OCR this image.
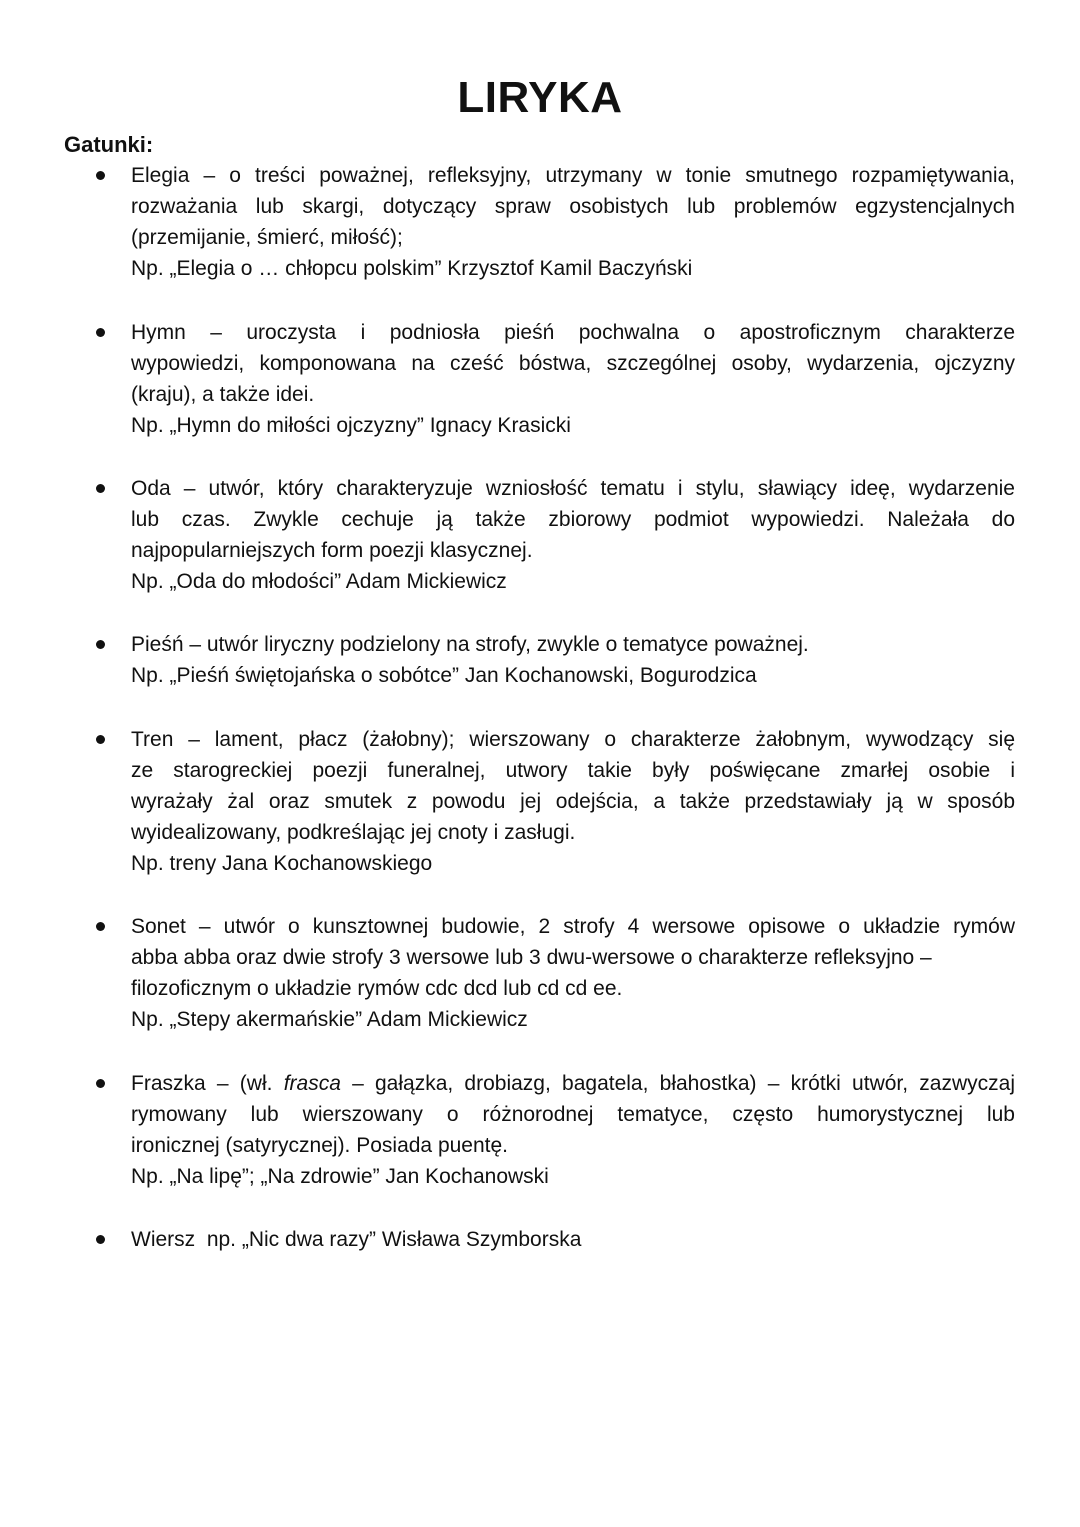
LIRYKA
Gatunki:
Elegia – o treści poważnej, refleksyjny, utrzymany w tonie smutnego rozpamiętywania,
rozważania lub skargi, dotyczący spraw osobistych lub problemów egzystencjalnych
(przemijanie, śmierć, miłość);
Np. „Elegia o … chłopcu polskim” Krzysztof Kamil Baczyński
Hymn – uroczysta i podniosła pieśń pochwalna o apostroficznym charakterze
wypowiedzi, komponowana na cześć bóstwa, szczególnej osoby, wydarzenia, ojczyzny
(kraju), a także idei.
Np. „Hymn do miłości ojczyzny” Ignacy Krasicki
Oda – utwór, który charakteryzuje wzniosłość tematu i stylu, sławiący ideę, wydarzenie
lub czas. Zwykle cechuje ją także zbiorowy podmiot wypowiedzi. Należała do
najpopularniejszych form poezji klasycznej.
Np. „Oda do młodości” Adam Mickiewicz
Pieśń – utwór liryczny podzielony na strofy, zwykle o tematyce poważnej.
Np. „Pieśń świętojańska o sobótce” Jan Kochanowski, Bogurodzica
Tren – lament, płacz (żałobny); wierszowany o charakterze żałobnym, wywodzący się
ze starogreckiej poezji funeralnej, utwory takie były poświęcane zmarłej osobie i
wyrażały żal oraz smutek z powodu jej odejścia, a także przedstawiały ją w sposób
wyidealizowany, podkreślając jej cnoty i zasługi.
Np. treny Jana Kochanowskiego
Sonet – utwór o kunsztownej budowie, 2 strofy 4 wersowe opisowe o układzie rymów
abba abba oraz dwie strofy 3 wersowe lub 3 dwu-wersowe o charakterze refleksyjno –
filozoficznym o układzie rymów cdc dcd lub cd cd ee.
Np. „Stepy akermańskie” Adam Mickiewicz
Fraszka – (wł. frasca – gałązka, drobiazg, bagatela, błahostka) – krótki utwór, zazwyczaj
rymowany lub wierszowany o różnorodnej tematyce, często humorystycznej lub
ironicznej (satyrycznej). Posiada puentę.
Np. „Na lipę”; „Na zdrowie” Jan Kochanowski
Wiersz  np. „Nic dwa razy” Wisława Szymborska
